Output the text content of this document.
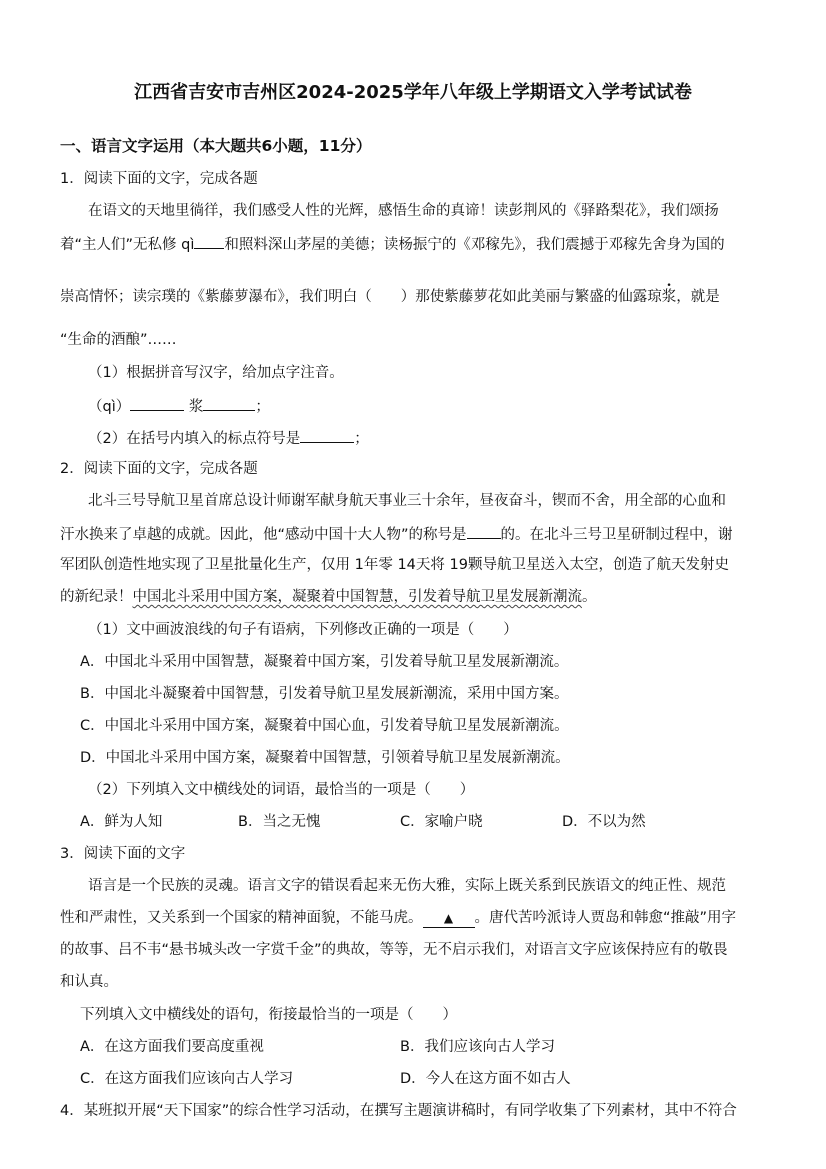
江西省吉安市吉州区2024-2025学年八年级上学期语文入学考试试卷
一、语言文字运用（本大题共6小题，11分）
1．阅读下面的文字，完成各题
在语文的天地里徜徉，我们感受人性的光辉，感悟生命的真谛！读彭荆风的《驿路梨花》，我们颂扬
着“主人们”无私修 qì 和照料深山茅屋的美德；读杨振宁的《邓稼先》，我们震撼于邓稼先舍身为国的
崇高情怀；读宗璞的《紫藤萝瀑布》，我们明白（　　）那使紫藤萝花如此美丽与繁盛的仙露琼浆，就是
“生命的酒酿”……
（1）根据拼音写汉字，给加点字注音。
（qì）	浆	；
（2）在括号内填入的标点符号是	；
2．阅读下面的文字，完成各题
北斗三号导航卫星首席总设计师谢军献身航天事业三十余年，昼夜奋斗，锲而不舍，用全部的心血和
汗水换来了卓越的成就。因此，他“感动中国十大人物”的称号是 的。在北斗三号卫星研制过程中，谢
军团队创造性地实现了卫星批量化生产，仅用 1年零 14天将 19颗导航卫星送入太空，创造了航天发射史
的新纪录！中国北斗采用中国方案，凝聚着中国智慧，引发着导航卫星发展新潮流。
（1）文中画波浪线的句子有语病，下列修改正确的一项是（　　）
A．中国北斗采用中国智慧，凝聚着中国方案，引发着导航卫星发展新潮流。
B．中国北斗凝聚着中国智慧，引发着导航卫星发展新潮流，采用中国方案。
C．中国北斗采用中国方案，凝聚着中国心血，引发着导航卫星发展新潮流。
D．中国北斗采用中国方案，凝聚着中国智慧，引领着导航卫星发展新潮流。
（2）下列填入文中横线处的词语，最恰当的一项是（　　）
A．鲜为人知	B．当之无愧	C．家喻户晓	D．不以为然
3．阅读下面的文字
语言是一个民族的灵魂。语言文字的错误看起来无伤大雅，实际上既关系到民族语文的纯正性、规范
性和严肃性，又关系到一个国家的精神面貌，不能马虎。 ▲ 。唐代苦吟派诗人贾岛和韩愈“推敲”用字
的故事、吕不韦“悬书城头改一字赏千金”的典故，等等，无不启示我们，对语言文字应该保持应有的敬畏
和认真。
下列填入文中横线处的语句，衔接最恰当的一项是（　　）
A．在这方面我们要高度重视	B．我们应该向古人学习
C．在这方面我们应该向古人学习	D．今人在这方面不如古人
4．某班拟开展“天下国家”的综合性学习活动，在撰写主题演讲稿时，有同学收集了下列素材，其中不符合
